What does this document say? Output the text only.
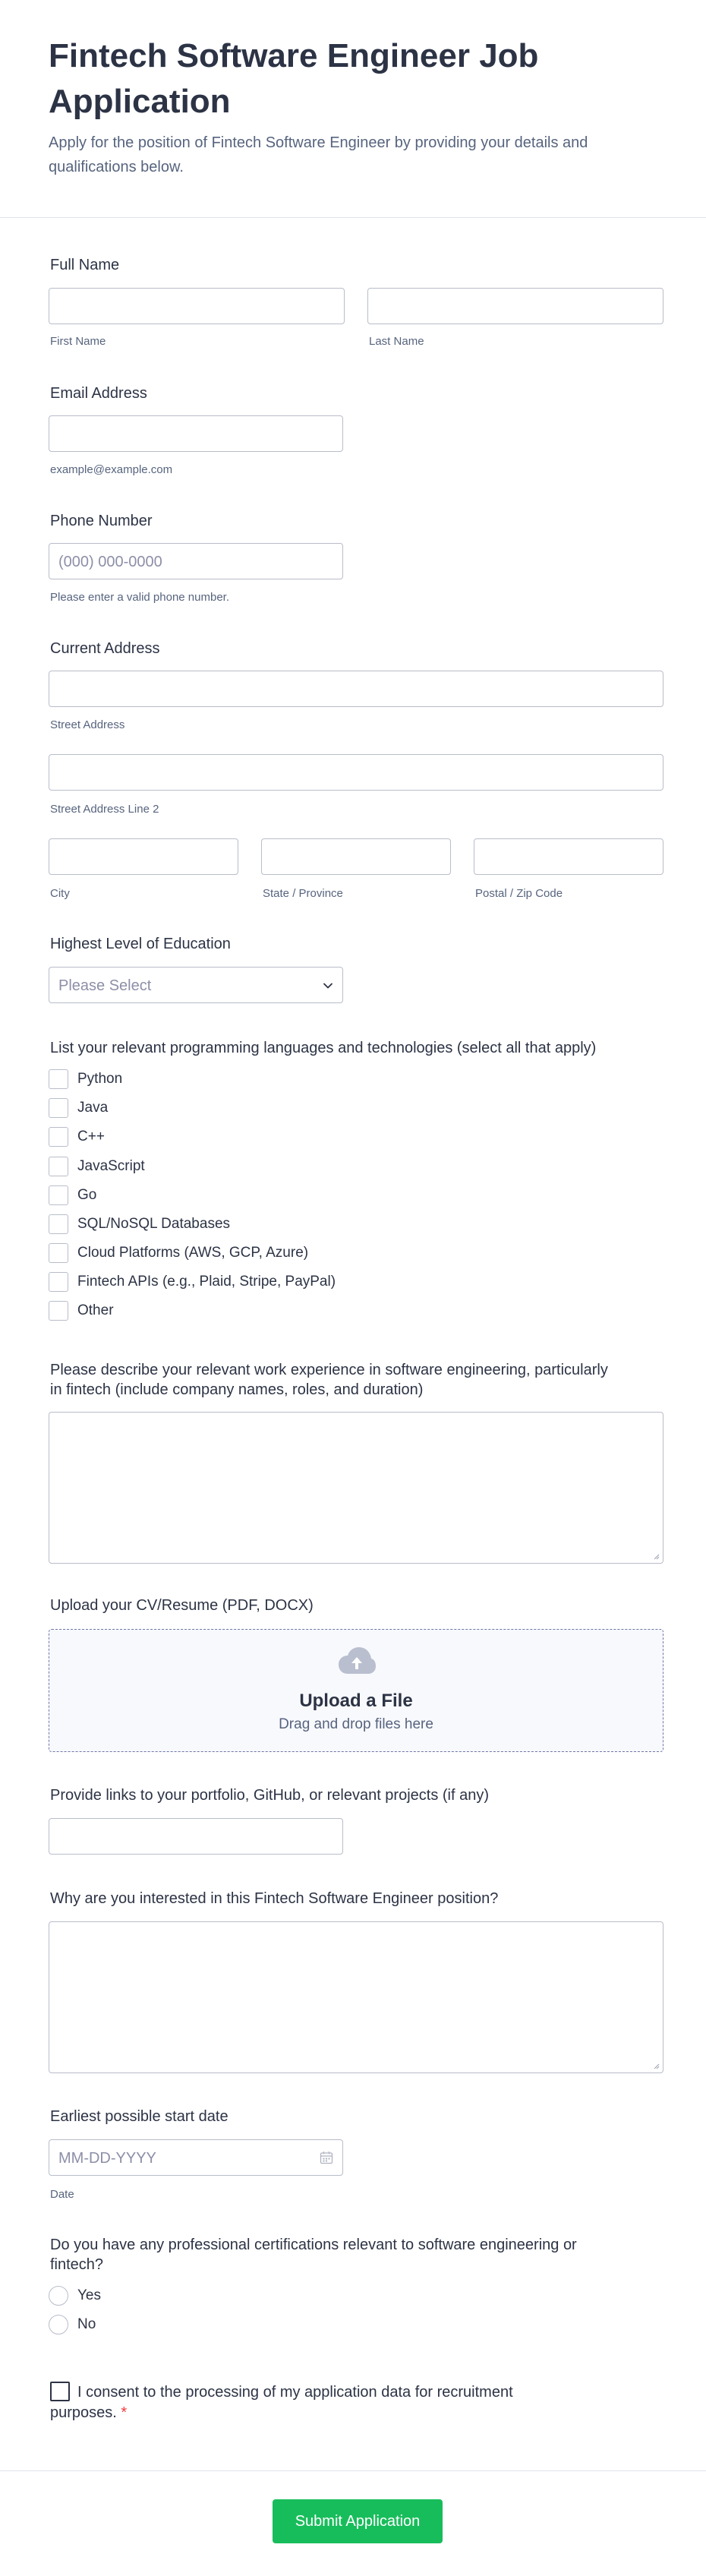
Fintech Software Engineer Job Application

Apply for the position of Fintech Software Engineer by providing your details and qualifications below.

Full Name
First Name	Last Name
Email Address
example@example.com
Phone Number
(000) 000-0000
Please enter a valid phone number.
Current Address
Street Address
Street Address Line 2
City	State / Province	Postal / Zip Code
Highest Level of Education
Please Select
List your relevant programming languages and technologies (select all that apply)
Python
Java
C++
JavaScript
Go
SQL/NoSQL Databases
Cloud Platforms (AWS, GCP, Azure)
Fintech APIs (e.g., Plaid, Stripe, PayPal)
Other
Please describe your relevant work experience in software engineering, particularly
in fintech (include company names, roles, and duration)
Upload your CV/Resume (PDF, DOCX)
Upload a File
Drag and drop files here
Provide links to your portfolio, GitHub, or relevant projects (if any)
Why are you interested in this Fintech Software Engineer position?
Earliest possible start date
MM-DD-YYYY
Date
Do you have any professional certifications relevant to software engineering or
fintech?
Yes
No
I consent to the processing of my application data for recruitment
purposes. *
Submit Application
